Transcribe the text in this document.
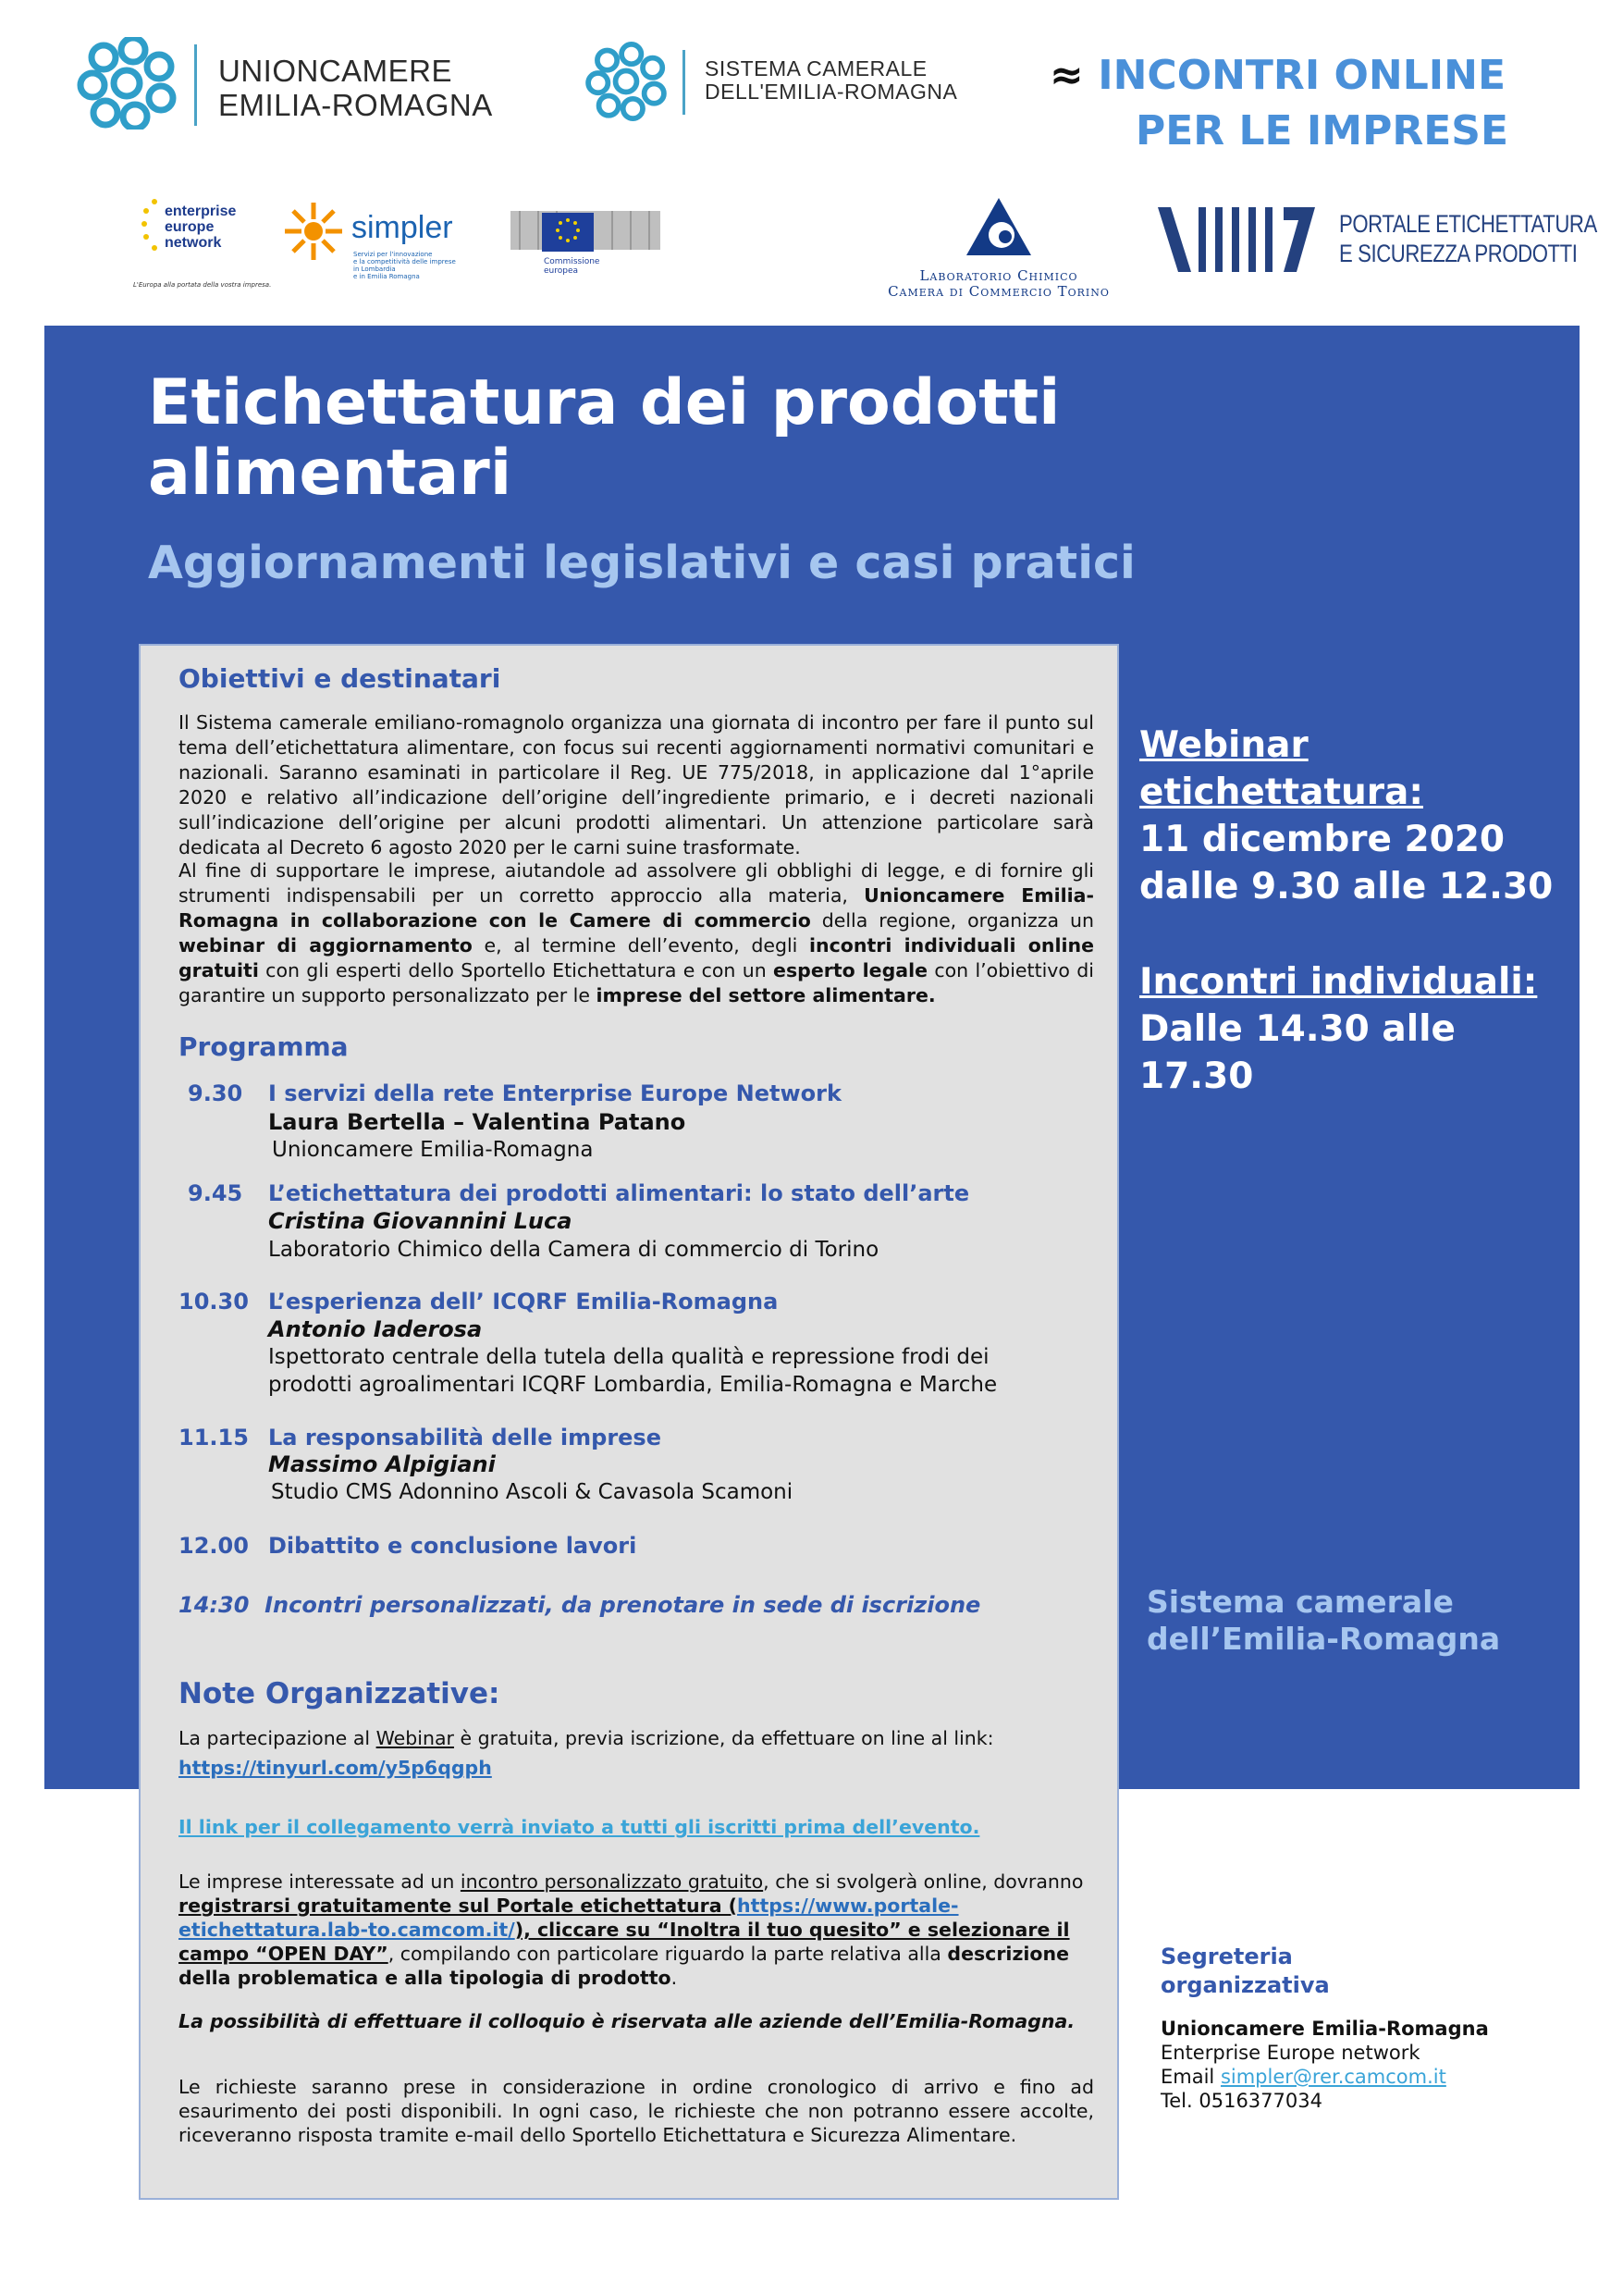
UNIONCAMERE
EMILIA-ROMAGNA
SISTEMA CAMERALE
DELL'EMILIA-ROMAGNA ≈ INCONTRI ONLINE
PER LE IMPRESE
enterprise
europe
network
L'Europa alla portata della vostra impresa.
simpler
Servizi per l'innovazione
e la competitività delle imprese
in Lombardia
e in Emilia Romagna
Commissione
europea	Laboratorio Chimico
Camera di Commercio Torino
PORTALE ETICHETTATURA
E SICUREZZA PRODOTTI
Etichettatura dei prodotti alimentari
Aggiornamenti legislativi e casi pratici
Webinar
etichettatura:
11 dicembre 2020
dalle 9.30 alle 12.30
Incontri individuali:
Dalle 14.30 alle 17.30
Sistema camerale
dell’Emilia-Romagna
Obiettivi e destinatari
Il Sistema camerale emiliano-romagnolo organizza una giornata di incontro per fare il punto sul tema dell’etichettatura alimentare, con focus sui recenti aggiornamenti normativi comunitari e nazionali. Saranno esaminati in particolare il Reg. UE 775/2018, in applicazione dal 1°aprile 2020 e relativo all’indicazione dell’origine dell’ingrediente primario, e i decreti nazionali sull’indicazione dell’origine per alcuni prodotti alimentari. Un attenzione particolare sarà dedicata al Decreto 6 agosto 2020 per le carni suine trasformate.
Al fine di supportare le imprese, aiutandole ad assolvere gli obblighi di legge, e di fornire gli strumenti indispensabili per un corretto approccio alla materia, Unioncamere Emilia-Romagna in collaborazione con le Camere di commercio della regione, organizza un webinar di aggiornamento e, al termine dell’evento, degli incontri individuali online gratuiti con gli esperti dello Sportello Etichettatura e con un esperto legale con l’obiettivo di garantire un supporto personalizzato per le imprese del settore alimentare.
Programma
9.30 I servizi della rete Enterprise Europe Network
Laura Bertella – Valentina Patano
Unioncamere Emilia-Romagna
9.45 L’etichettatura dei prodotti alimentari: lo stato dell’arte
Cristina Giovannini Luca
Laboratorio Chimico della Camera di commercio di Torino
10.30 L’esperienza dell’ ICQRF Emilia-Romagna
Antonio Iaderosa
Ispettorato centrale della tutela della qualità e repressione frodi dei prodotti agroalimentari ICQRF Lombardia, Emilia-Romagna e Marche
11.15 La responsabilità delle imprese
Massimo Alpigiani
Studio CMS Adonnino Ascoli & Cavasola Scamoni
12.00 Dibattito e conclusione lavori
14:30  Incontri personalizzati, da prenotare in sede di iscrizione
Note Organizzative:
La partecipazione al Webinar è gratuita, previa iscrizione, da effettuare on line al link:
https://tinyurl.com/y5p6qgph
Il link per il collegamento verrà inviato a tutti gli iscritti prima dell’evento.
Le imprese interessate ad un incontro personalizzato gratuito, che si svolgerà online, dovranno registrarsi gratuitamente sul Portale etichettatura (https://www.portale-etichettatura.lab-to.camcom.it/), cliccare su “Inoltra il tuo quesito” e selezionare il campo “OPEN DAY”, compilando con particolare riguardo la parte relativa alla descrizione della problematica e alla tipologia di prodotto.
La possibilità di effettuare il colloquio è riservata alle aziende dell’Emilia-Romagna.
Le richieste saranno prese in considerazione in ordine cronologico di arrivo e fino ad esaurimento dei posti disponibili. In ogni caso, le richieste che non potranno essere accolte, riceveranno risposta tramite e-mail dello Sportello Etichettatura e Sicurezza Alimentare.
Segreteria
organizzativa
Unioncamere Emilia-Romagna
Enterprise Europe network
Email simpler@rer.camcom.it
Tel. 0516377034
